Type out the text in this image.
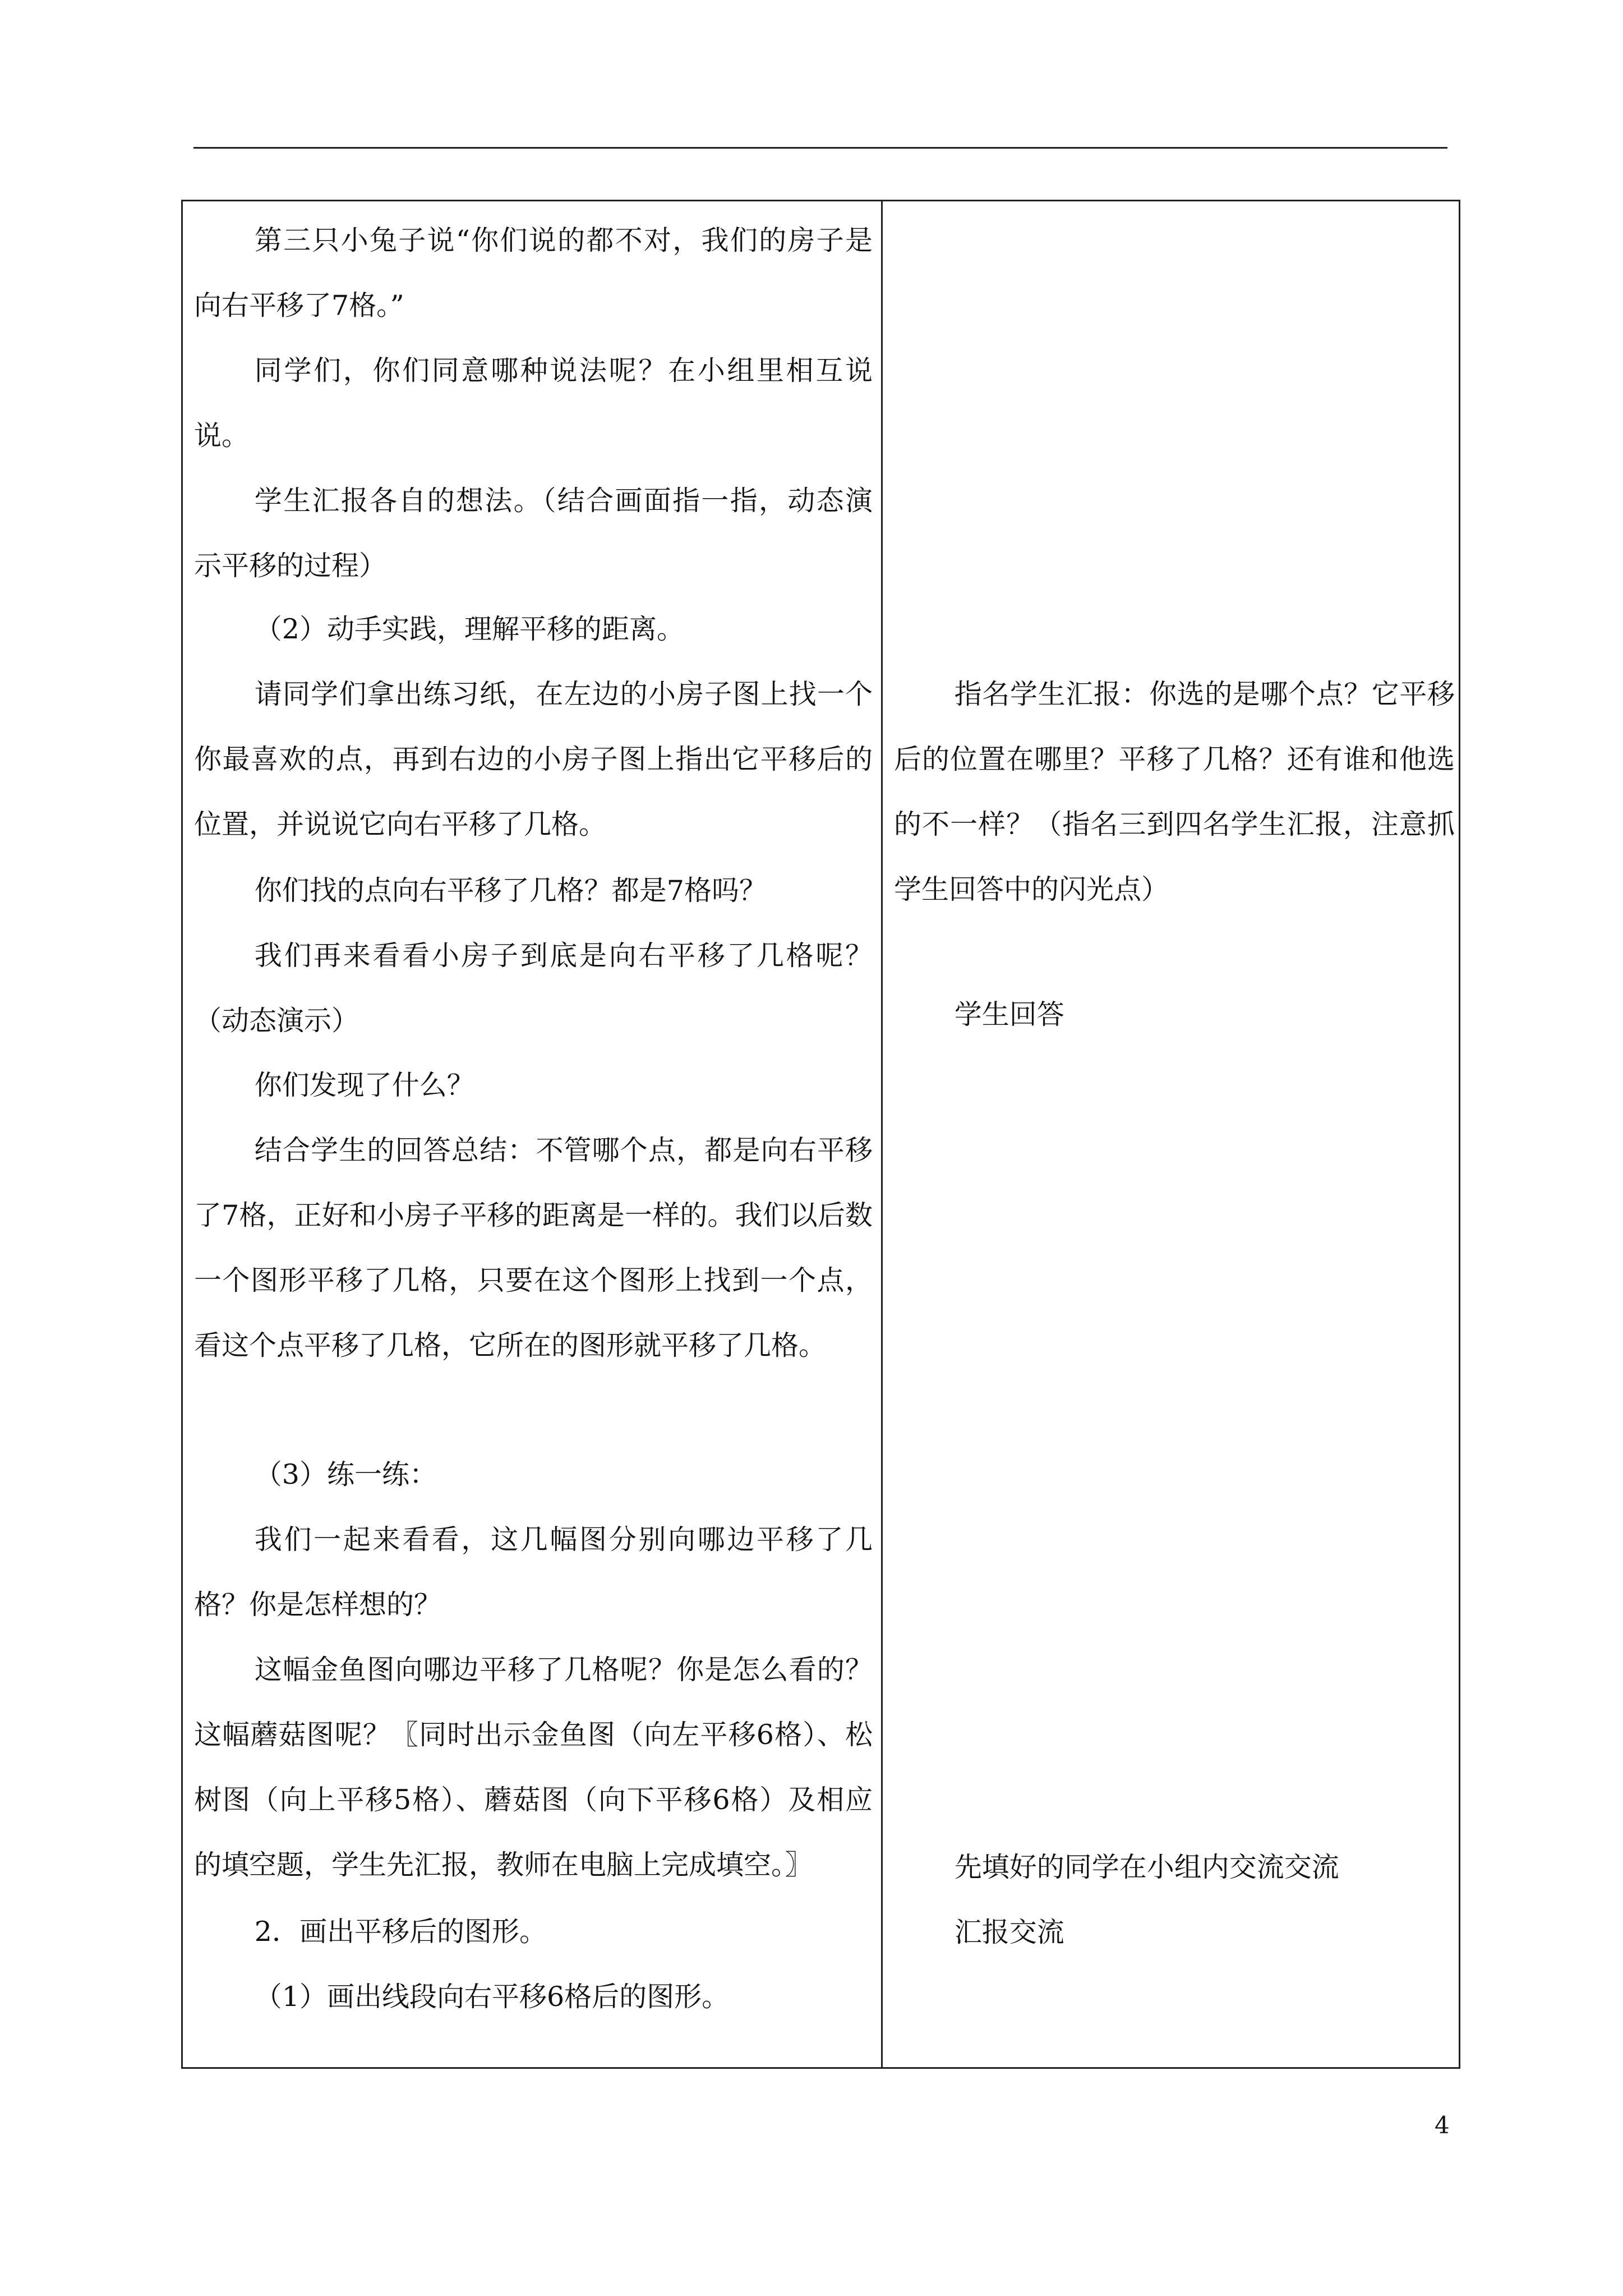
第三只小兔子说“你们说的都不对，我们的房子是向右平移了7格。”

同学们，你们同意哪种说法呢？在小组里相互说说。

学生汇报各自的想法。（结合画面指一指，动态演示平移的过程）

（2）动手实践，理解平移的距离。

请同学们拿出练习纸，在左边的小房子图上找一个你最喜欢的点，再到右边的小房子图上指出它平移后的位置，并说说它向右平移了几格。

你们找的点向右平移了几格？都是7格吗？

我们再来看看小房子到底是向右平移了几格呢？（动态演示）

你们发现了什么？

结合学生的回答总结：不管哪个点，都是向右平移了7格，正好和小房子平移的距离是一样的。我们以后数一个图形平移了几格，只要在这个图形上找到一个点，看这个点平移了几格，它所在的图形就平移了几格。

（3）练一练：

我们一起来看看，这几幅图分别向哪边平移了几格？你是怎样想的？

这幅金鱼图向哪边平移了几格呢？你是怎么看的？这幅蘑菇图呢？〖同时出示金鱼图（向左平移6格）、松树图（向上平移5格）、蘑菇图（向下平移6格）及相应的填空题，学生先汇报，教师在电脑上完成填空。〗

2．画出平移后的图形。

（1）画出线段向右平移6格后的图形。

指名学生汇报：你选的是哪个点？它平移后的位置在哪里？平移了几格？还有谁和他选的不一样？（指名三到四名学生汇报，注意抓学生回答中的闪光点）

学生回答

先填好的同学在小组内交流交流

汇报交流

4
